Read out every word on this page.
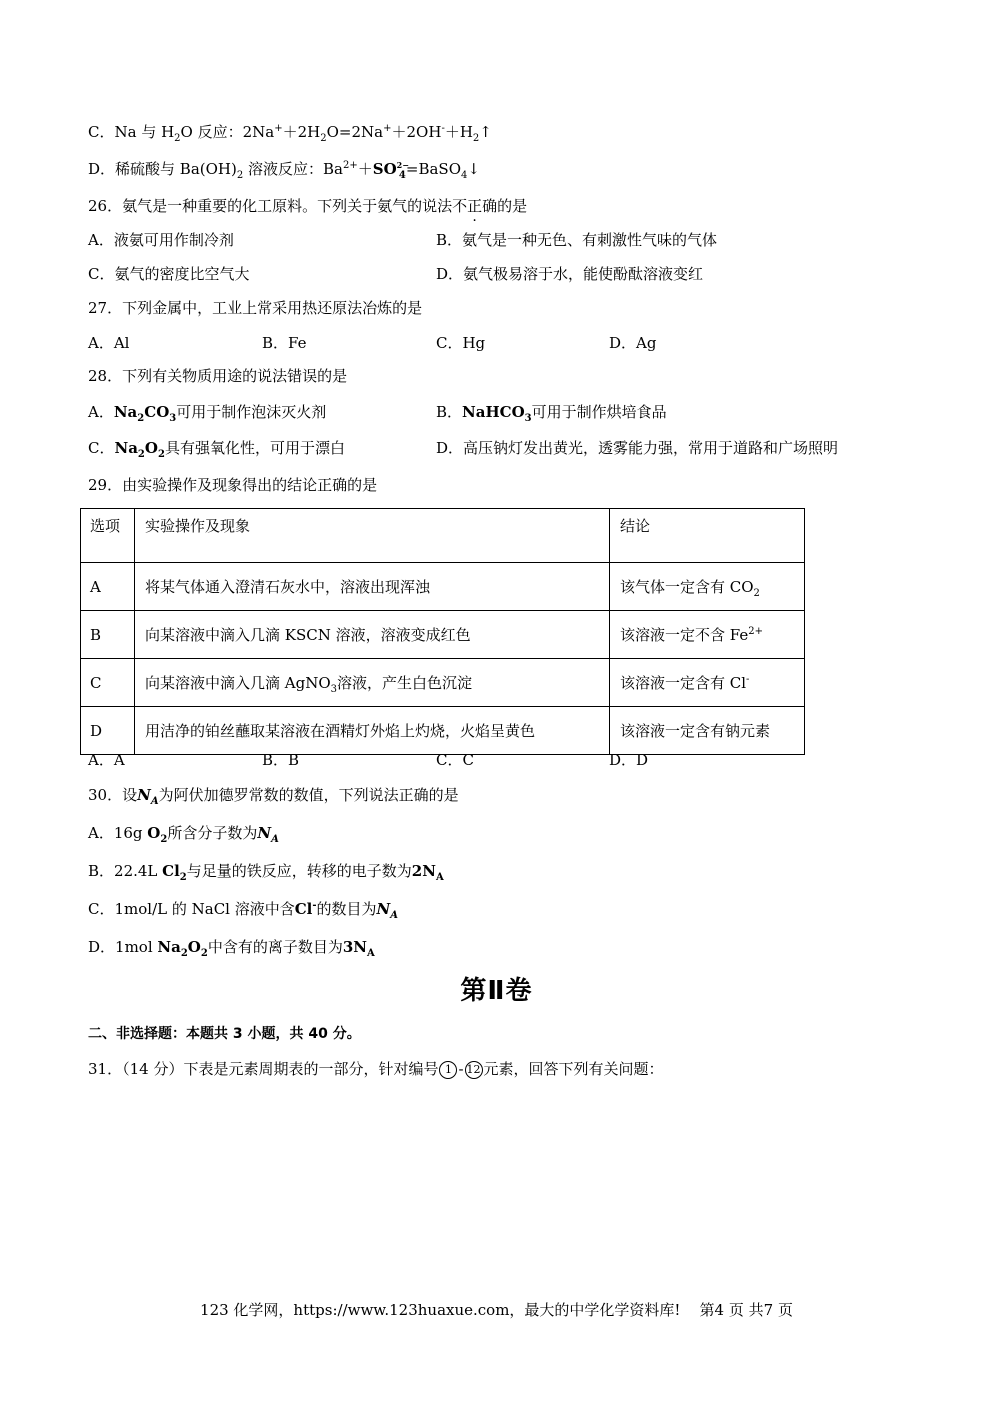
C．Na 与 $H_2O$ 反应：$2Na^++2H_2O=2Na^++2OH^-+H_2↑$
D．稀硫酸与 $Ba(OH)_2$ 溶液反应：$Ba^{2+}+SO^{2-}_4=BaSO_4↓$
26．氨气是一种重要的化工原料。下列关于氨气的说法不正确的是
A．液氨可用作制冷剂	B．氨气是一种无色、有刺激性气味的气体
C．氨气的密度比空气大	D．氨气极易溶于水，能使酚酞溶液变红
27．下列金属中，工业上常采用热还原法冶炼的是
A．Al	B．Fe	C．Hg	D．Ag
28．下列有关物质用途的说法错误的是
A．$Na_2CO_3$可用于制作泡沫灭火剂	B．NaHCO$_3$可用于制作烘培食品
C．$Na_2O_2$具有强氧化性，可用于漂白	D．高压钠灯发出黄光，透雾能力强，常用于道路和广场照明
29．由实验操作及现象得出的结论正确的是
选项	实验操作及现象	结论
A	将某气体通入澄清石灰水中，溶液出现浑浊	该气体一定含有 $CO_2$
B	向某溶液中滴入几滴 KSCN 溶液，溶液变成红色	该溶液一定不含 $Fe^{2+}$
C	向某溶液中滴入几滴 AgNO$_3$溶液，产生白色沉淀	该溶液一定含有 Cl-
D	用洁净的铂丝蘸取某溶液在酒精灯外焰上灼烧，火焰呈黄色	该溶液一定含有钠元素
A．A	B．B	C．C	D．D
30．设$N_A$为阿伏加德罗常数的数值，下列说法正确的是
A．16g $O_2$所含分子数为$N_A$
B．22.4L $Cl_2$与足量的铁反应，转移的电子数为$2N_A$
C．1mol/L 的 NaCl 溶液中含Cl-的数目为$N_A$
D．1mol $Na_2O_2$中含有的离子数目为$3N_A$
第Ⅱ卷
二、非选择题：本题共 3 小题，共 40 分。
31．（14 分）下表是元素周期表的一部分，针对编号 1 - 12 元素，回答下列有关问题：
123 化学网，https://www.123huaxue.com，最大的中学化学资料库! 第4 页 共7 页
